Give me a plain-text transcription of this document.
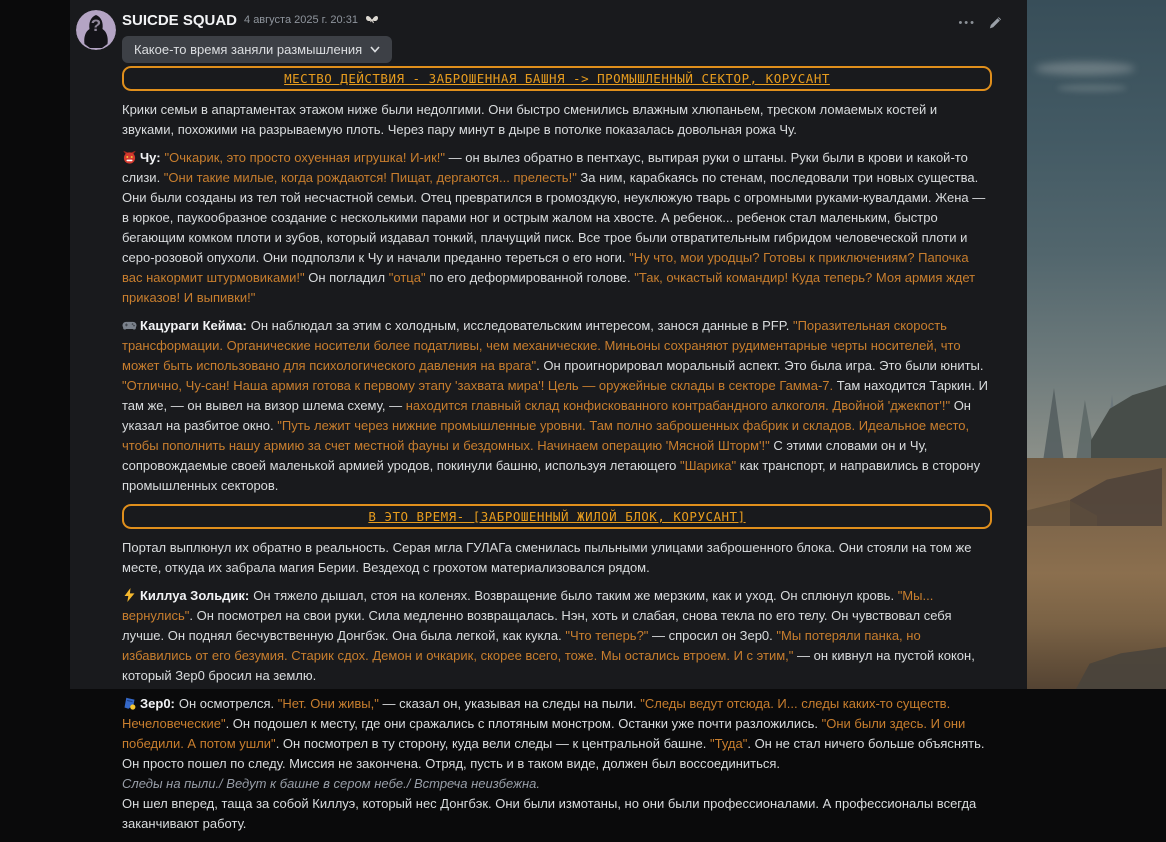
? SUICDE SQUAD 4 августа 2025 г. 20:31
Какое-то время заняли размышления
•••
МЕСТВО ДЕЙСТВИЯ - ЗАБРОШЕННАЯ БАШНЯ -> ПРОМЫШЛЕННЫЙ СЕКТОР, КОРУСАНТ

Крики семьи в апартаментах этажом ниже были недолгими. Они быстро сменились влажным хлюпаньем, треском ломаемых костей и звуками, похожими на разрываемую плоть. Через пару минут в дыре в потолке показалась довольная рожа Чу.

Чу: "Очкарик, это просто охуенная игрушка! И-ик!" — он вылез обратно в пентхаус, вытирая руки о штаны. Руки были в крови и какой-то слизи. "Они такие милые, когда рождаются! Пищат, дергаются... прелесть!" За ним, карабкаясь по стенам, последовали три новых существа. Они были созданы из тел той несчастной семьи. Отец превратился в громоздкую, неуклюжую тварь с огромными руками-кувалдами. Жена — в юркое, паукообразное создание с несколькими парами ног и острым жалом на хвосте. А ребенок... ребенок стал маленьким, быстро бегающим комком плоти и зубов, который издавал тонкий, плачущий писк. Все трое были отвратительным гибридом человеческой плоти и серо-розовой опухоли. Они подползли к Чу и начали преданно тереться о его ноги. "Ну что, мои уродцы? Готовы к приключениям? Папочка вас накормит штурмовиками!" Он погладил "отца" по его деформированной голове. "Так, очкастый командир! Куда теперь? Моя армия ждет приказов! И выпивки!"

Кацураги Кейма: Он наблюдал за этим с холодным, исследовательским интересом, занося данные в PFP. "Поразительная скорость трансформации. Органические носители более податливы, чем механические. Миньоны сохраняют рудиментарные черты носителей, что может быть использовано для психологического давления на врага". Он проигнорировал моральный аспект. Это была игра. Это были юниты. "Отлично, Чу-сан! Наша армия готова к первому этапу 'захвата мира'! Цель — оружейные склады в секторе Гамма-7. Там находится Таркин. И там же, — он вывел на визор шлема схему, — находится главный склад конфискованного контрабандного алкоголя. Двойной 'джекпот'!" Он указал на разбитое окно. "Путь лежит через нижние промышленные уровни. Там полно заброшенных фабрик и складов. Идеальное место, чтобы пополнить нашу армию за счет местной фауны и бездомных. Начинаем операцию 'Мясной Шторм'!" С этими словами он и Чу, сопровождаемые своей маленькой армией уродов, покинули башню, используя летающего "Шарика" как транспорт, и направились в сторону промышленных секторов.

В ЭТО ВРЕМЯ- [ЗАБРОШЕННЫЙ ЖИЛОЙ БЛОК, КОРУСАНТ]

Портал выплюнул их обратно в реальность. Серая мгла ГУЛАГа сменилась пыльными улицами заброшенного блока. Они стояли на том же месте, откуда их забрала магия Берии. Вездеход с грохотом материализовался рядом.

Киллуа Зольдик: Он тяжело дышал, стоя на коленях. Возвращение было таким же мерзким, как и уход. Он сплюнул кровь. "Мы... вернулись". Он посмотрел на свои руки. Сила медленно возвращалась. Нэн, хоть и слабая, снова текла по его телу. Он чувствовал себя лучше. Он поднял бесчувственную Донгбэк. Она была легкой, как кукла. "Что теперь?" — спросил он Зер0. "Мы потеряли панка, но избавились от его безумия. Старик сдох. Демон и очкарик, скорее всего, тоже. Мы остались втроем. И с этим," — он кивнул на пустой кокон, который Зер0 бросил на землю.

Зер0: Он осмотрелся. "Нет. Они живы," — сказал он, указывая на следы на пыли. "Следы ведут отсюда. И... следы каких-то существ. Нечеловеческие". Он подошел к месту, где они сражались с плотяным монстром. Останки уже почти разложились. "Они были здесь. И они победили. А потом ушли". Он посмотрел в ту сторону, куда вели следы — к центральной башне. "Туда". Он не стал ничего больше объяснять. Он просто пошел по следу. Миссия не закончена. Отряд, пусть и в таком виде, должен был воссоединиться.
Следы на пыли./ Ведут к башне в сером небе./ Встреча неизбежна.
Он шел вперед, таща за собой Киллуэ, который нес Донгбэк. Они были измотаны, но они были профессионалами. А профессионалы всегда заканчивают работу.
